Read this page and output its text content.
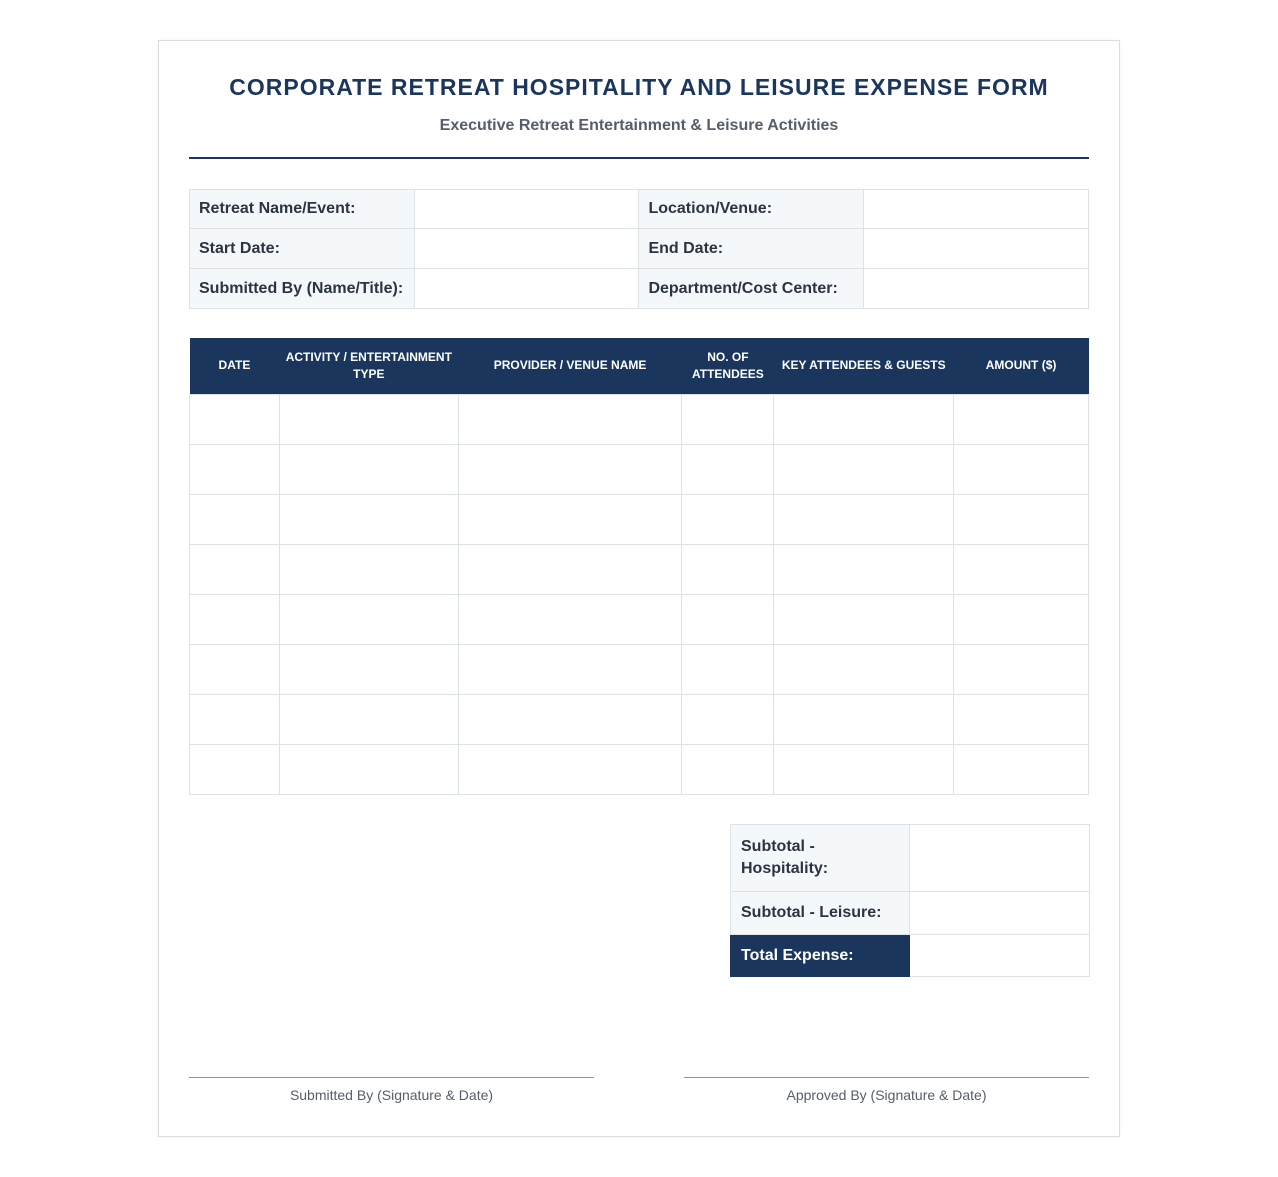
CORPORATE RETREAT HOSPITALITY AND LEISURE EXPENSE FORM
Executive Retreat Entertainment & Leisure Activities
Retreat Name/Event:		Location/Venue:	
Start Date:		End Date:	
Submitted By (Name/Title):		Department/Cost Center:	
DATE	ACTIVITY / ENTERTAINMENT TYPE	PROVIDER / VENUE NAME	NO. OF ATTENDEES	KEY ATTENDEES & GUESTS	AMOUNT ($)

Subtotal - Hospitality:	
Subtotal - Leisure:	
Total Expense:	
Submitted By (Signature & Date)	Approved By (Signature & Date)
